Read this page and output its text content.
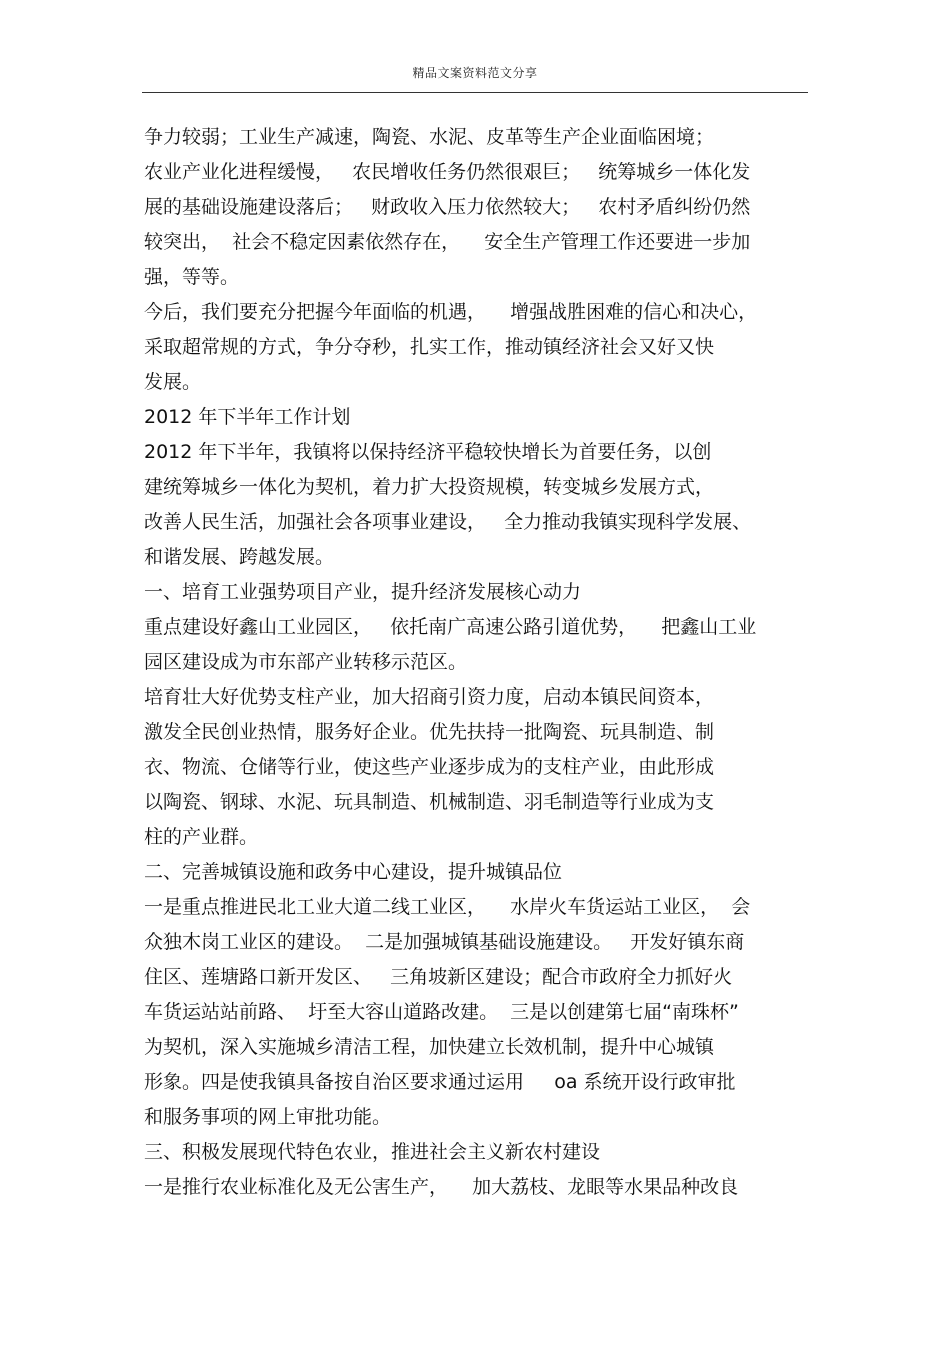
精品文案资料范文分享
争力较弱；工业生产减速，陶瓷、水泥、皮革等生产企业面临困境；
农业产业化进程缓慢，   农民增收任务仍然很艰巨；   统筹城乡一体化发
展的基础设施建设落后；   财政收入压力依然较大；   农村矛盾纠纷仍然
较突出，  社会不稳定因素依然存在，    安全生产管理工作还要进一步加
强，等等。
今后，我们要充分把握今年面临的机遇，    增强战胜困难的信心和决心，
采取超常规的方式，争分夺秒，扎实工作，推动镇经济社会又好又快
发展。
2012 年下半年工作计划
2012 年下半年，我镇将以保持经济平稳较快增长为首要任务，以创
建统筹城乡一体化为契机，着力扩大投资规模，转变城乡发展方式，
改善人民生活，加强社会各项事业建设，   全力推动我镇实现科学发展、
和谐发展、跨越发展。
一、培育工业强势项目产业，提升经济发展核心动力
重点建设好鑫山工业园区，   依托南广高速公路引道优势，    把鑫山工业
园区建设成为市东部产业转移示范区。
培育壮大好优势支柱产业，加大招商引资力度，启动本镇民间资本，
激发全民创业热情，服务好企业。优先扶持一批陶瓷、玩具制造、制
衣、物流、仓储等行业，使这些产业逐步成为的支柱产业，由此形成
以陶瓷、钢球、水泥、玩具制造、机械制造、羽毛制造等行业成为支
柱的产业群。
二、完善城镇设施和政务中心建设，提升城镇品位
一是重点推进民北工业大道二线工业区，    水岸火车货运站工业区，  会
众独木岗工业区的建设。  二是加强城镇基础设施建设。   开发好镇东商
住区、莲塘路口新开发区、   三角坡新区建设；配合市政府全力抓好火
车货运站站前路、  圩至大容山道路改建。  三是以创建第七届“南珠杯”
为契机，深入实施城乡清洁工程，加快建立长效机制，提升中心城镇
形象。四是使我镇具备按自治区要求通过运用     oa 系统开设行政审批
和服务事项的网上审批功能。
三、积极发展现代特色农业，推进社会主义新农村建设
一是推行农业标准化及无公害生产，    加大荔枝、龙眼等水果品种改良
